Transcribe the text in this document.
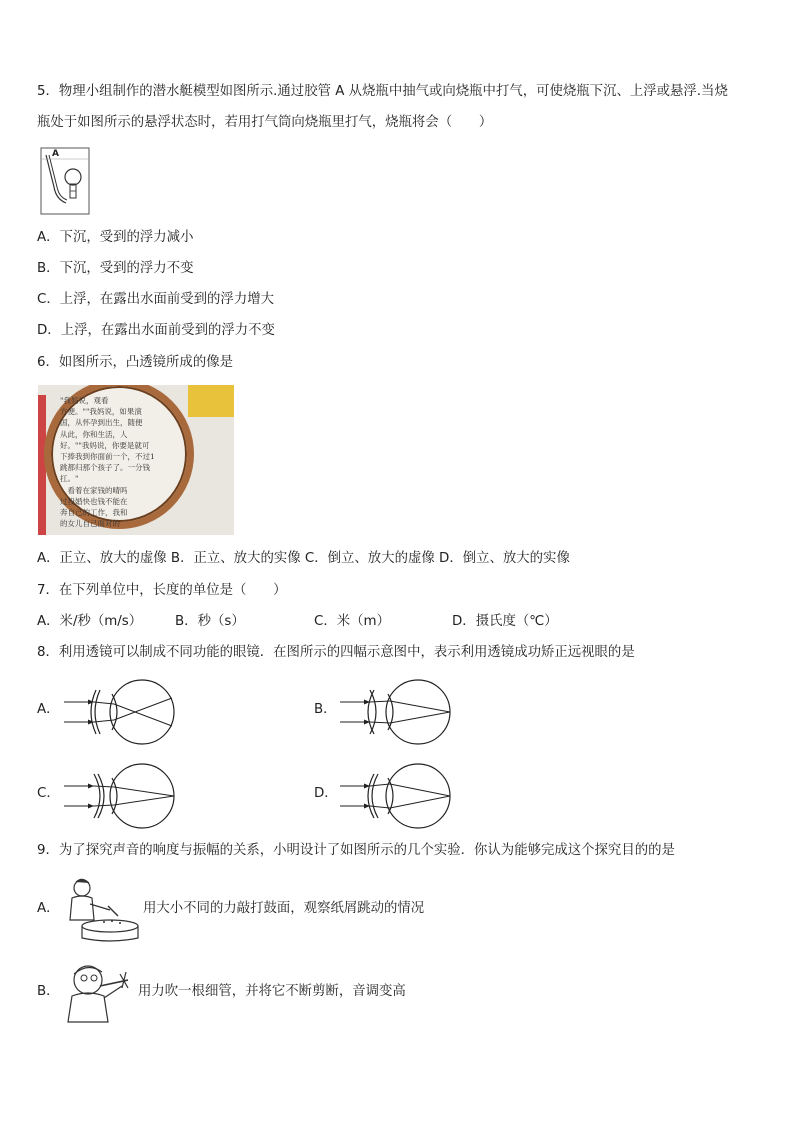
5．物理小组制作的潜水艇模型如图所示.通过胶管 A 从烧瓶中抽气或向烧瓶中打气，可使烧瓶下沉、上浮或悬浮.当烧
瓶处于如图所示的悬浮状态时，若用打气筒向烧瓶里打气，烧瓶将会（　　）
A
A．下沉，受到的浮力减小
B．下沉，受到的浮力不变
C．上浮，在露出水面前受到的浮力增大
D．上浮，在露出水面前受到的浮力不变
6．如图所示，凸透镜所成的像是
"我妈说，观看
方便。""我妈说，如果演
国，从怀孕到出生，随便
从此，你和生活，人
好。""我妈说，你要是就可
下捧我到你面前一个，不过1
跳都归那个孩子了。一分钱
扛。"
　看着在家钱的晴吗
过投婚快也钱不能在
奔自己的工作，我和
的女儿自己面对的
A．正立、放大的虚像 B．正立、放大的实像 C．倒立、放大的虚像 D．倒立、放大的实像
7．在下列单位中，长度的单位是（　　）
A．米/秒（m/s） B．秒（s）	C．米（m）	D．摄氏度（℃）
8．利用透镜可以制成不同功能的眼镜．在图所示的四幅示意图中，表示利用透镜成功矫正远视眼的是
A．	B．
C．	D．
9．为了探究声音的响度与振幅的关系，小明设计了如图所示的几个实验．你认为能够完成这个探究目的的是
A．	用大小不同的力敲打鼓面，观察纸屑跳动的情况
B．	用力吹一根细管，并将它不断剪断，音调变高
